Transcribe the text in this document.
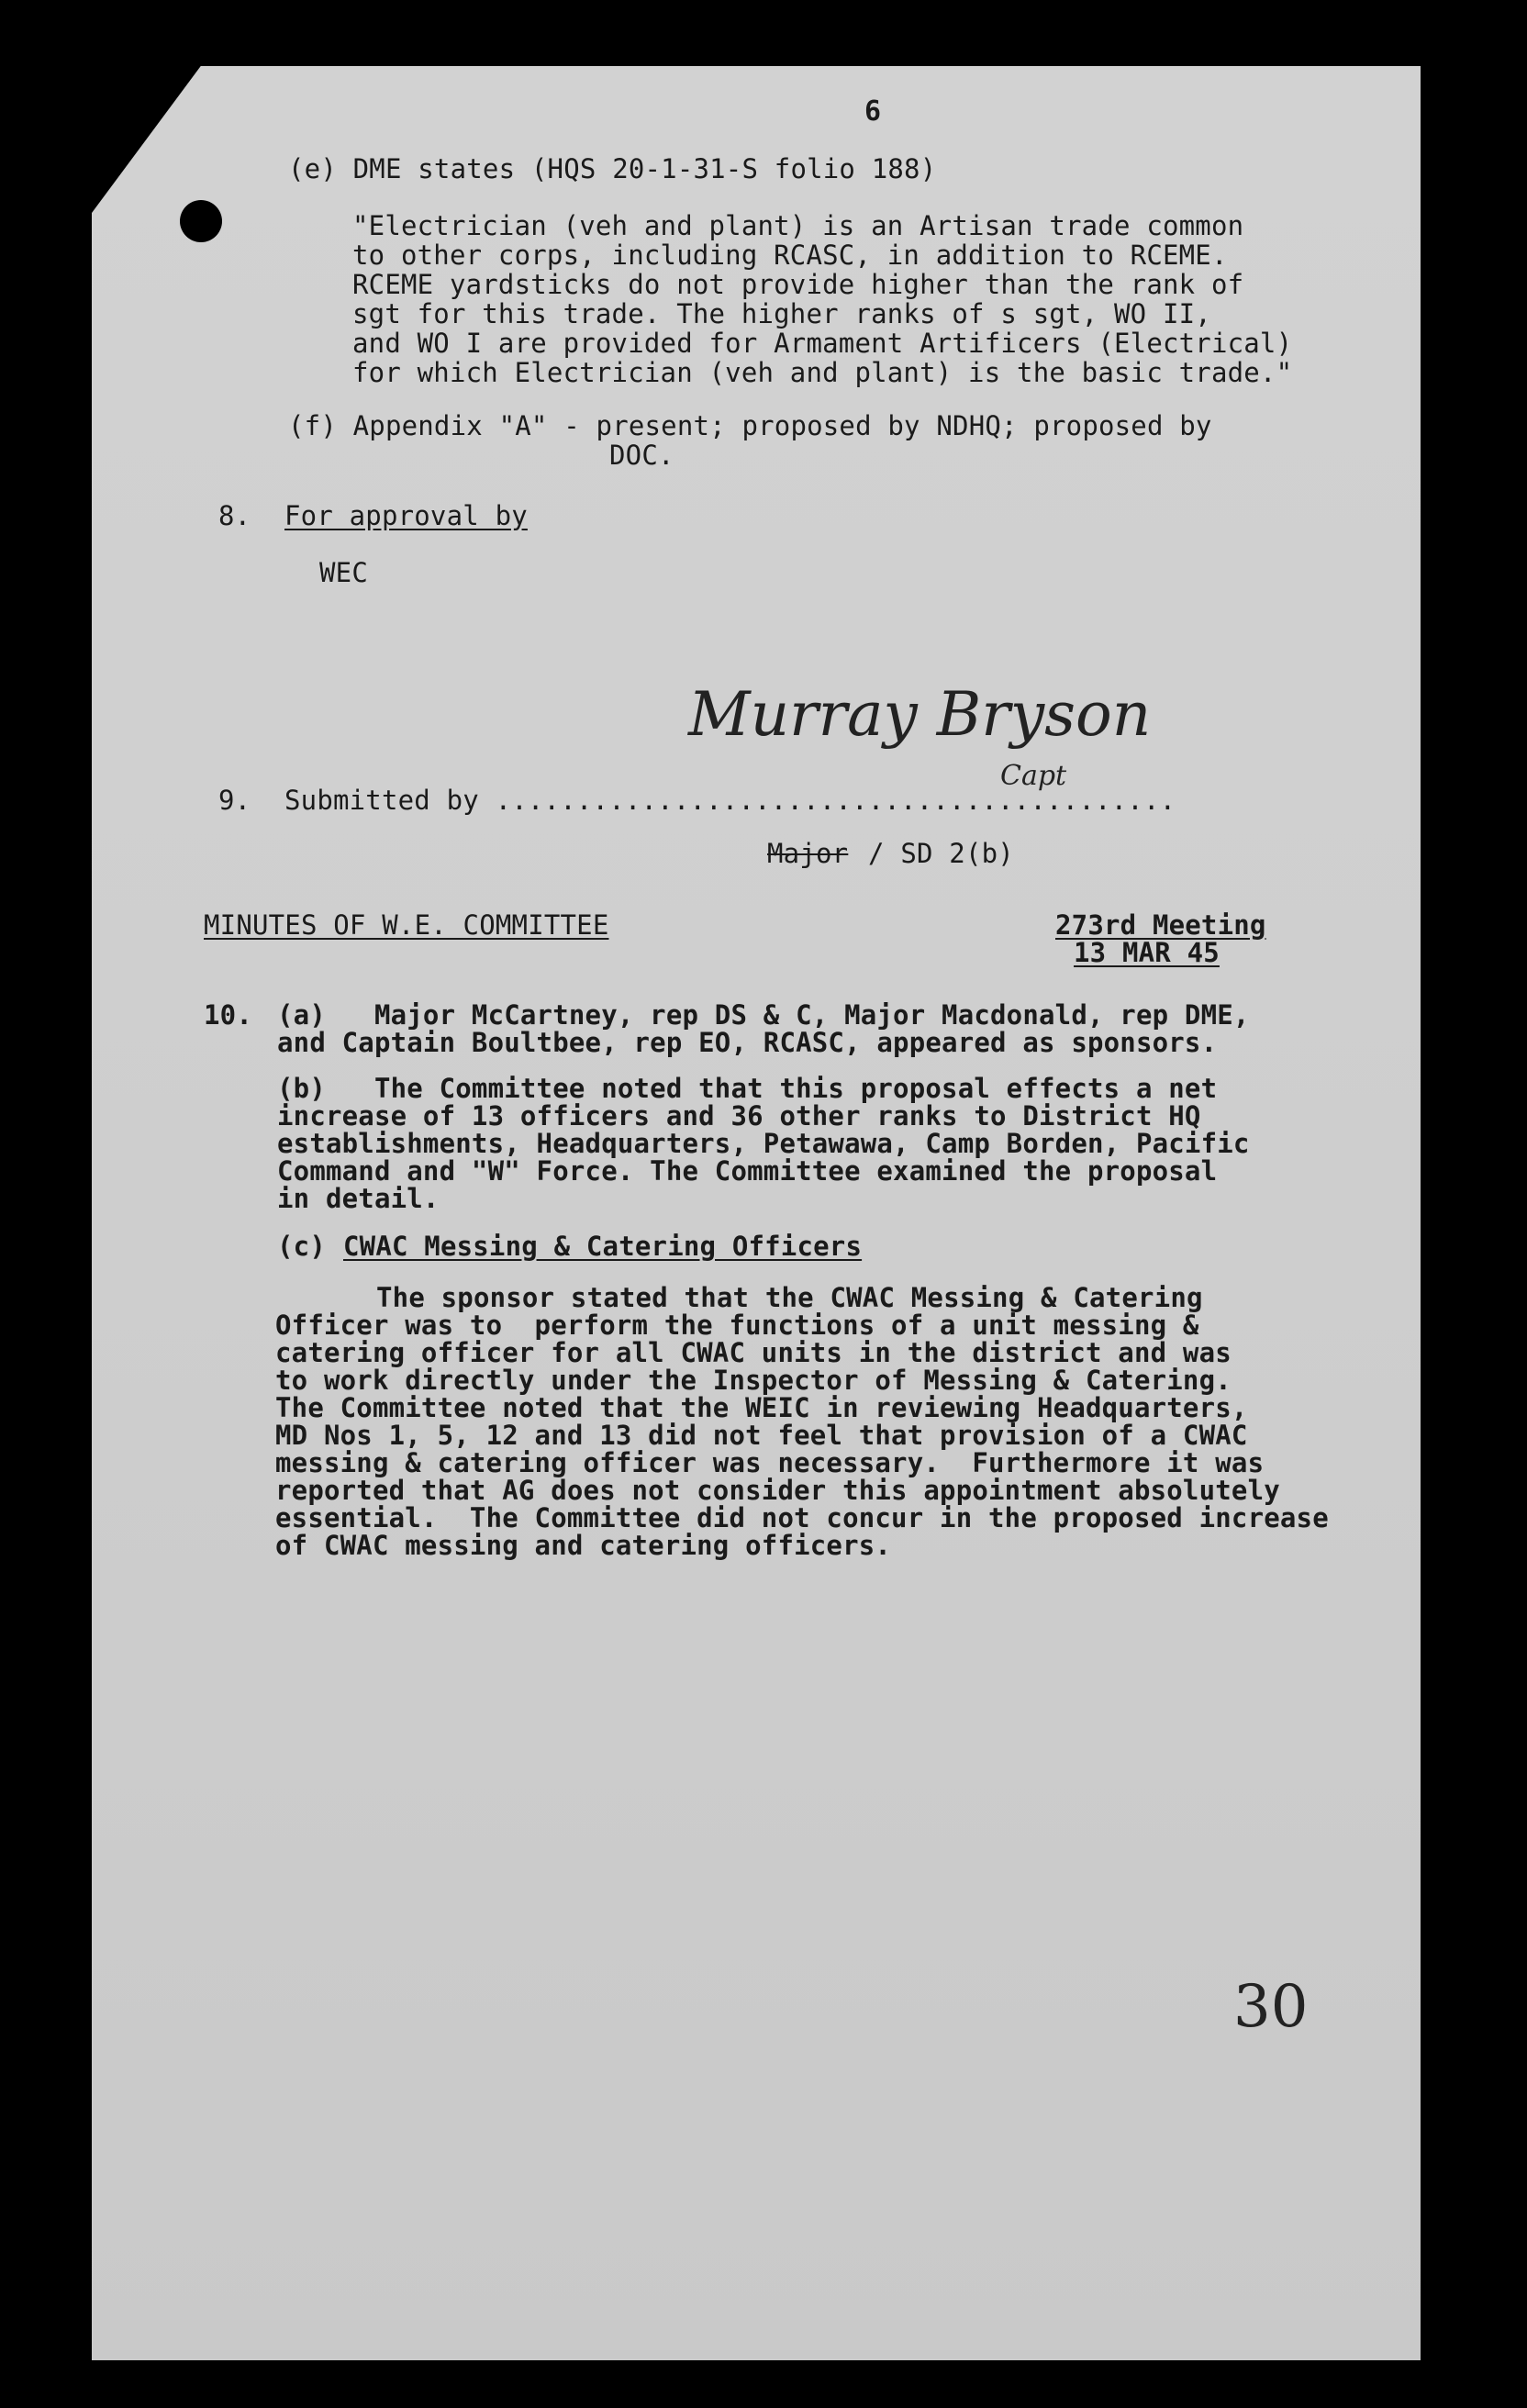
6
(e) DME states (HQS 20-1-31-S folio 188)
"Electrician (veh and plant) is an Artisan trade common
to other corps, including RCASC, in addition to RCEME.
RCEME yardsticks do not provide higher than the rank of
sgt for this trade. The higher ranks of s sgt, WO II,
and WO I are provided for Armament Artificers (Electrical)
for which Electrician (veh and plant) is the basic trade."
(f) Appendix "A" - present; proposed by NDHQ; proposed by
DOC.
8. For approval by
WEC
Murray Bryson
Capt
9. Submitted by ..........................................
Major / SD 2(b)
MINUTES OF W.E. COMMITTEE	273rd Meeting
13 MAR 45
10. (a)   Major McCartney, rep DS & C, Major Macdonald, rep DME,
and Captain Boultbee, rep EO, RCASC, appeared as sponsors.
(b)   The Committee noted that this proposal effects a net
increase of 13 officers and 36 other ranks to District HQ
establishments, Headquarters, Petawawa, Camp Borden, Pacific
Command and "W" Force. The Committee examined the proposal
in detail.
(c) CWAC Messing & Catering Officers
The sponsor stated that the CWAC Messing & Catering
Officer was to  perform the functions of a unit messing &
catering officer for all CWAC units in the district and was
to work directly under the Inspector of Messing & Catering.
The Committee noted that the WEIC in reviewing Headquarters,
MD Nos 1, 5, 12 and 13 did not feel that provision of a CWAC
messing & catering officer was necessary.  Furthermore it was
reported that AG does not consider this appointment absolutely
essential.  The Committee did not concur in the proposed increase
of CWAC messing and catering officers.
30
